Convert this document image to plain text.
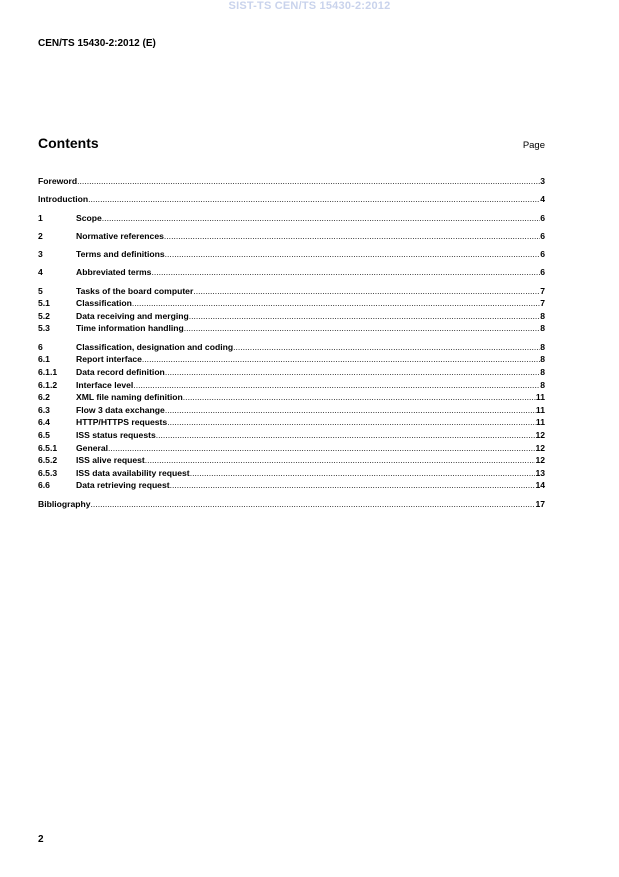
SIST-TS CEN/TS 15430-2:2012
CEN/TS 15430-2:2012 (E)
Contents	Page
Foreword .....	3
Introduction .....	4
1	Scope .....	6
2	Normative references .....	6
3	Terms and definitions .....	6
4	Abbreviated terms .....	6
5	Tasks of the board computer .....	7
5.1	Classification .....	7
5.2	Data receiving and merging .....	8
5.3	Time information handling .....	8
6	Classification, designation and coding .....	8
6.1	Report interface .....	8
6.1.1	Data record definition .....	8
6.1.2	Interface level .....	8
6.2	XML file naming definition .....	11
6.3	Flow 3 data exchange .....	11
6.4	HTTP/HTTPS requests .....	11
6.5	ISS status requests .....	12
6.5.1	General .....	12
6.5.2	ISS alive request .....	12
6.5.3	ISS data availability request .....	13
6.6	Data retrieving request .....	14
Bibliography .....	17
2
